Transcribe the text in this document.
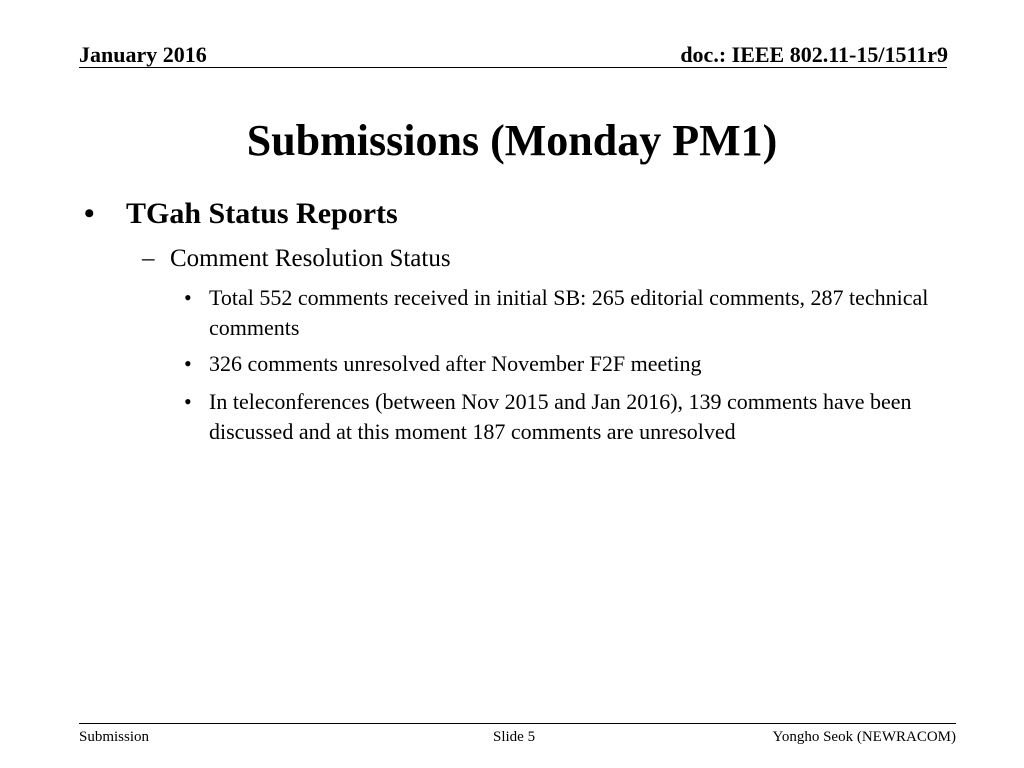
January 2016	doc.: IEEE 802.11-15/1511r9
Submissions (Monday PM1)
• TGah Status Reports
– Comment Resolution Status
• Total 552 comments received in initial SB: 265 editorial comments, 287 technical comments
• 326 comments unresolved after November F2F meeting
• In teleconferences (between Nov 2015 and Jan 2016), 139 comments have been discussed and at this moment 187 comments are unresolved
Submission	Slide 5	Yongho Seok (NEWRACOM)
